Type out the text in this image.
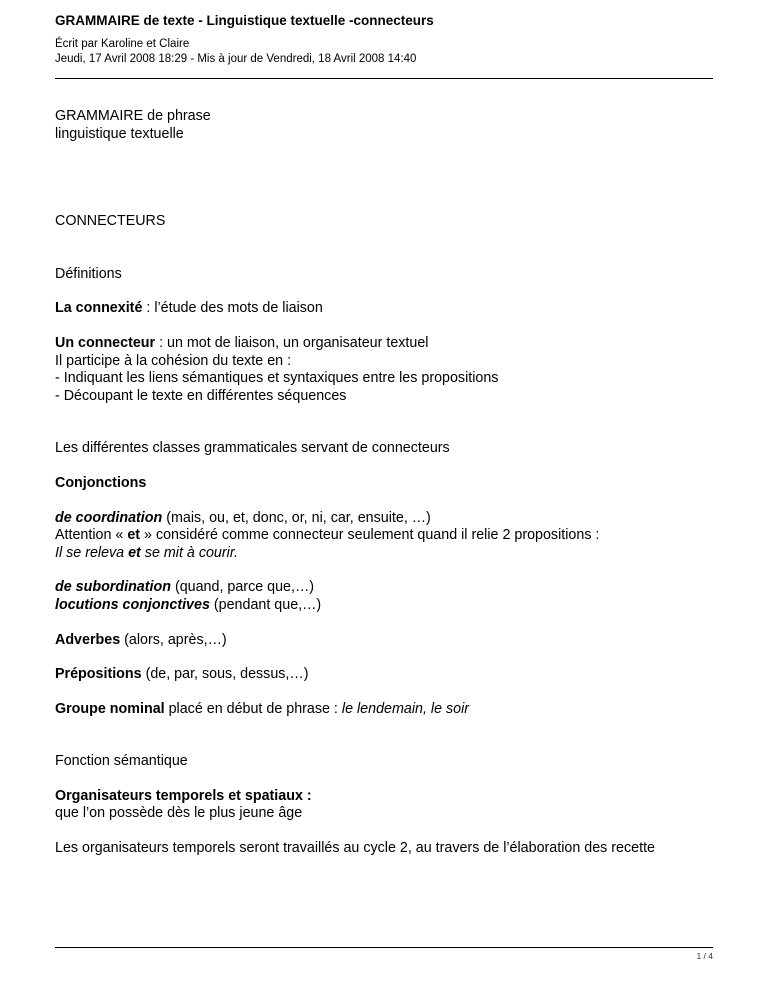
GRAMMAIRE de texte - Linguistique textuelle -connecteurs
Écrit par Karoline et Claire
Jeudi, 17 Avril 2008 18:29 - Mis à jour de Vendredi, 18 Avril 2008 14:40

GRAMMAIRE de phrase

linguistique textuelle

CONNECTEURS

Définitions

La connexité : l’étude des mots de liaison

Un connecteur : un mot de liaison, un organisateur textuel

Il participe à la cohésion du texte en :

- Indiquant les liens sémantiques et syntaxiques entre les propositions

- Découpant le texte en différentes séquences

Les différentes classes grammaticales servant de connecteurs

Conjonctions

de coordination (mais, ou, et, donc, or, ni, car, ensuite, …)

Attention « et » considéré comme connecteur seulement quand il relie 2 propositions :

Il se releva et se mit à courir.

de subordination (quand, parce que,…)

locutions conjonctives (pendant que,…)

Adverbes (alors, après,…)

Prépositions (de, par, sous, dessus,…)

Groupe nominal placé en début de phrase : le lendemain, le soir

Fonction sémantique

Organisateurs temporels et spatiaux :

que l’on possède dès le plus jeune âge

Les organisateurs temporels seront travaillés au cycle 2, au travers de l’élaboration des recette

1 / 4
